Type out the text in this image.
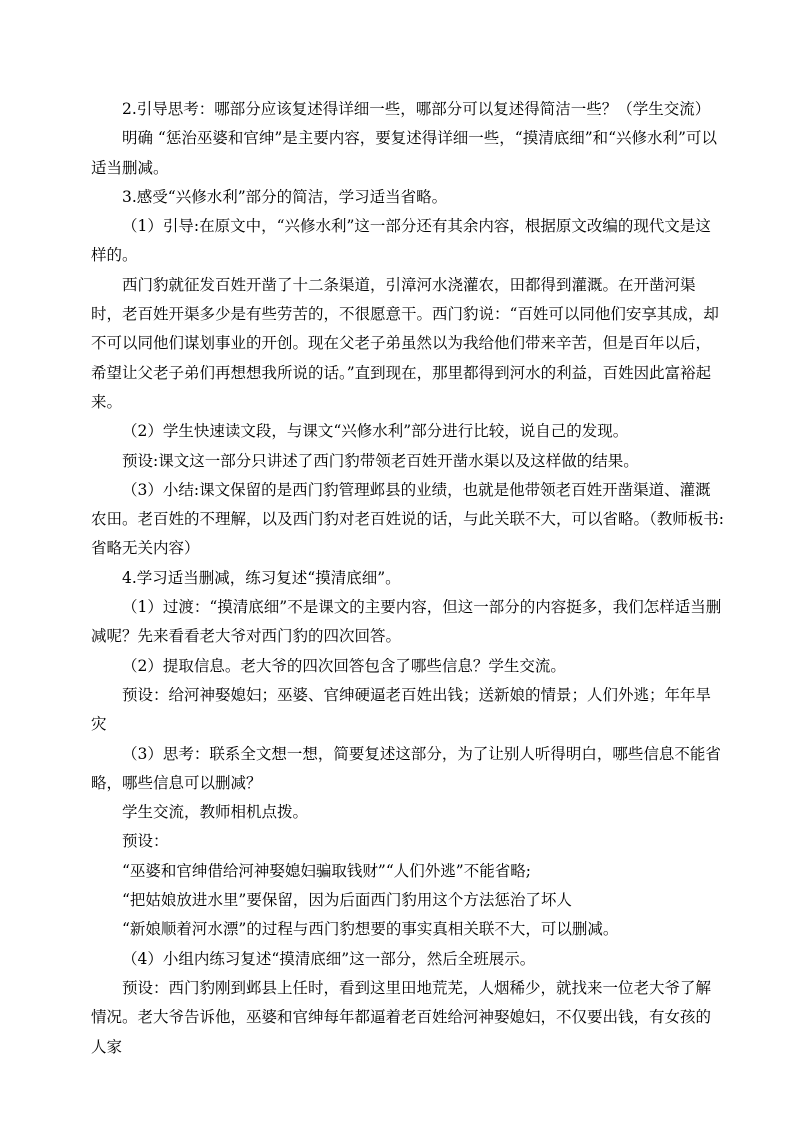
2.引导思考：哪部分应该复述得详细一些，哪部分可以复述得简洁一些？（学生交流）

明确 “惩治巫婆和官绅”是主要内容，要复述得详细一些，“摸清底细”和“兴修水利”可以适当删减。

3.感受“兴修水利”部分的简洁，学习适当省略。

（1）引导:在原文中，“兴修水利”这一部分还有其余内容，根据原文改编的现代文是这样的。

西门豹就征发百姓开凿了十二条渠道，引漳河水浇灌农，田都得到灌溉。在开凿河渠时，老百姓开渠多少是有些劳苦的，不很愿意干。西门豹说：“百姓可以同他们安享其成，却不可以同他们谋划事业的开创。现在父老子弟虽然以为我给他们带来辛苦，但是百年以后，希望让父老子弟们再想想我所说的话。”直到现在，那里都得到河水的利益，百姓因此富裕起来。

（2）学生快速读文段，与课文“兴修水利”部分进行比较，说自己的发现。

预设:课文这一部分只讲述了西门豹带领老百姓开凿水渠以及这样做的结果。

（3）小结:课文保留的是西门豹管理邺县的业绩，也就是他带领老百姓开凿渠道、灌溉农田。老百姓的不理解，以及西门豹对老百姓说的话，与此关联不大，可以省略。（教师板书:省略无关内容）

4.学习适当删减，练习复述“摸清底细”。

（1）过渡：“摸清底细”不是课文的主要内容，但这一部分的内容挺多，我们怎样适当删减呢？先来看看老大爷对西门豹的四次回答。

（2）提取信息。老大爷的四次回答包含了哪些信息？学生交流。

预设：给河神娶媳妇；巫婆、官绅硬逼老百姓出钱；送新娘的情景；人们外逃；年年旱灾

（3）思考：联系全文想一想，简要复述这部分，为了让别人听得明白，哪些信息不能省略，哪些信息可以删减？

学生交流，教师相机点拨。

预设：

“巫婆和官绅借给河神娶媳妇骗取钱财”“人们外逃”不能省略;

“把姑娘放进水里”要保留，因为后面西门豹用这个方法惩治了坏人

“新娘顺着河水漂”的过程与西门豹想要的事实真相关联不大，可以删减。

（4）小组内练习复述“摸清底细”这一部分，然后全班展示。

预设：西门豹刚到邺县上任时，看到这里田地荒芜，人烟稀少，就找来一位老大爷了解情况。老大爷告诉他，巫婆和官绅每年都逼着老百姓给河神娶媳妇，不仅要出钱，有女孩的人家
